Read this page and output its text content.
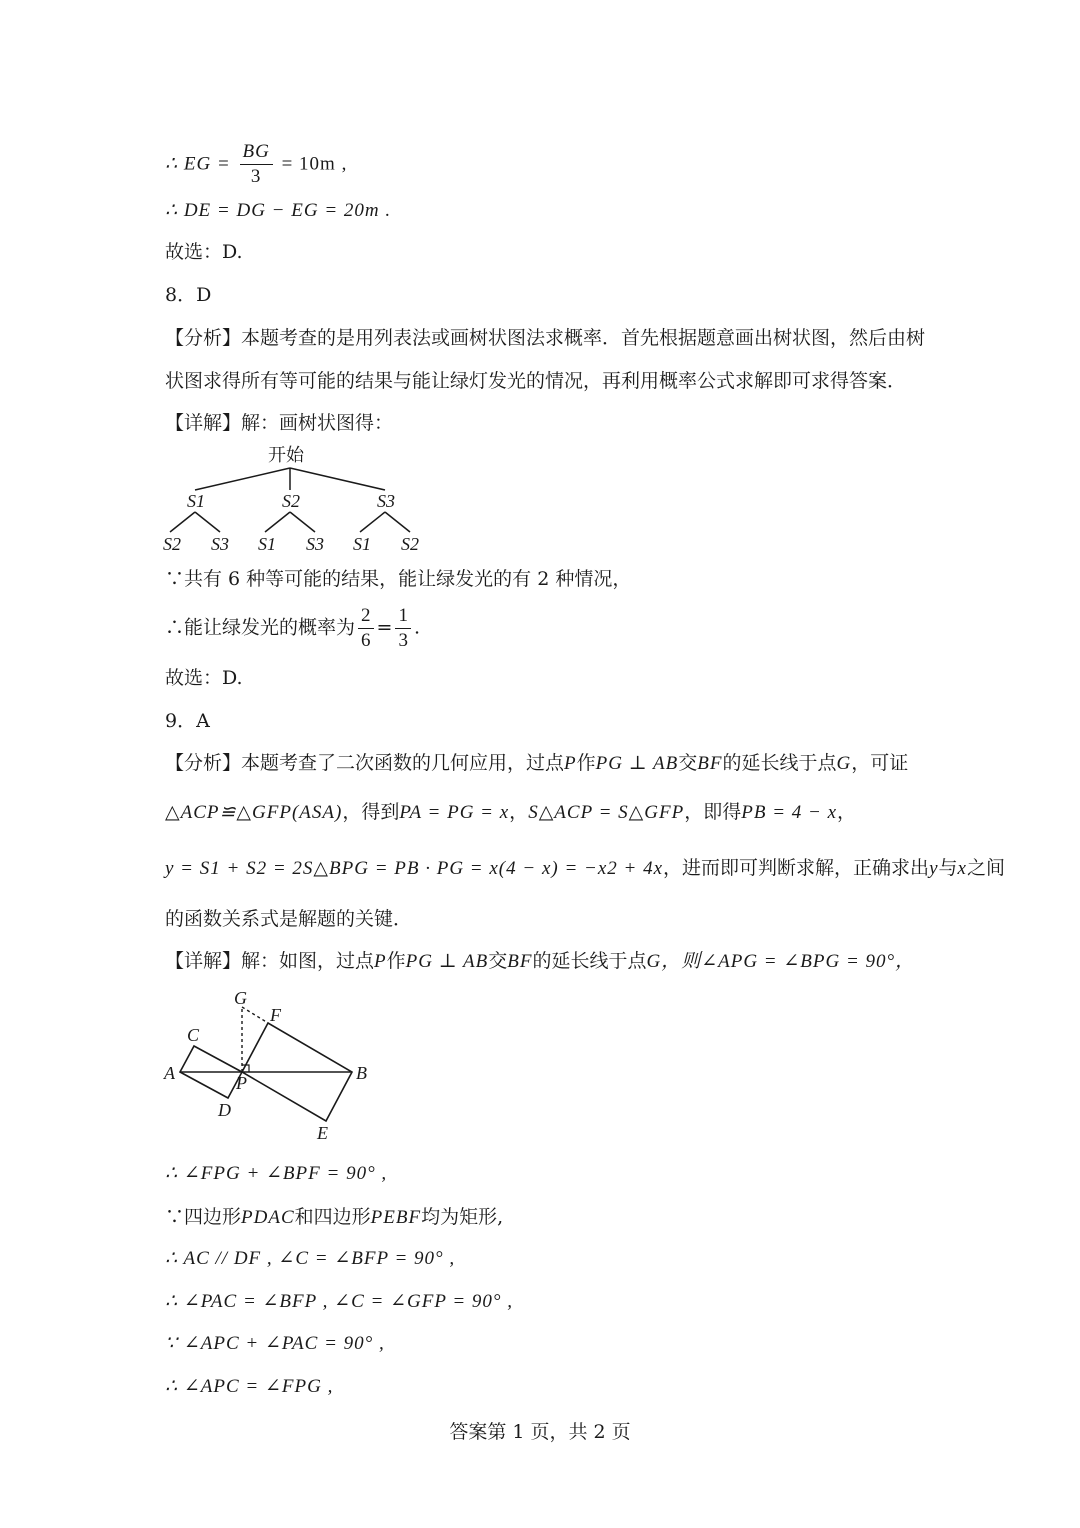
∴ EG = $\frac{BG}{3} = 10m$ ,
∴ DE = DG − EG = 20m .
故选：D.
8．D
【分析】本题考查的是用列表法或画树状图法求概率．首先根据题意画出树状图，然后由树
状图求得所有等可能的结果与能让绿灯发光的情况，再利用概率公式求解即可求得答案．
【详解】解：画树状图得：
开始
S1	S2	S3
S2 S3 S1 S3 S1 S2
∵共有 6 种等可能的结果，能让绿发光的有 2 种情况，
∴能让绿发光的概率为 $\frac{2}{6} = \frac{1}{3}$ .
故选：D.
9．A
【分析】本题考查了二次函数的几何应用，过点P作PG ⊥ AB交BF的延长线于点G，可证
△ACP≌△GFP(ASA)，得到PA = PG = x，S△ACP = S△GFP，即得PB = 4 − x，
y = S1 + S2 = 2S△BPG = PB · PG = x(4 − x) = −x2 + 4x，进而即可判断求解，正确求出y与x之间
的函数关系式是解题的关键．
【详解】解：如图，过点P作PG ⊥ AB交BF的延长线于点G，则∠APG = ∠BPG = 90°，
G
F
C
A	P	B
D
E
∴ ∠FPG + ∠BPF = 90° ,
∵四边形PDAC和四边形PEBF均为矩形,
∴ AC // DF , ∠C = ∠BFP = 90° ,
∴ ∠PAC = ∠BFP , ∠C = ∠GFP = 90° ,
∵ ∠APC + ∠PAC = 90° ,
∴ ∠APC = ∠FPG ,
答案第 1 页，共 2 页
